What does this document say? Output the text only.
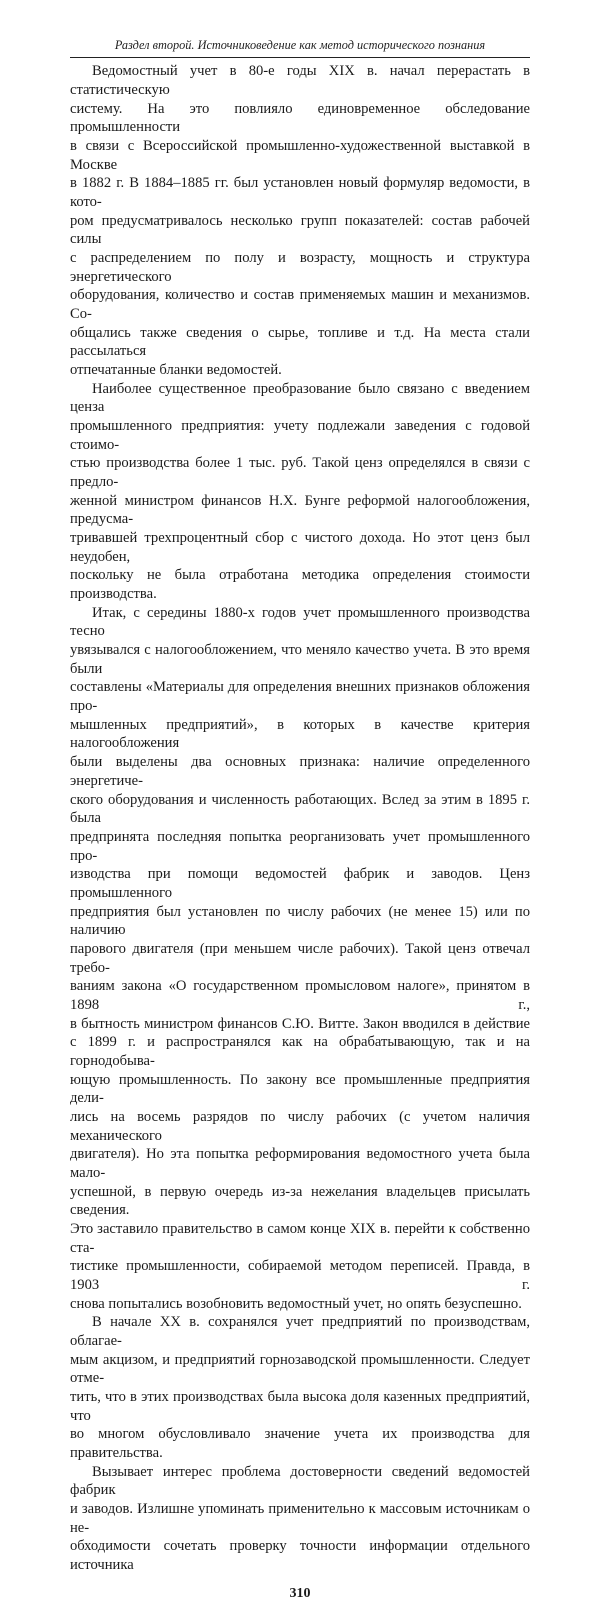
Раздел второй. Источниковедение как метод исторического познания
Ведомостный учет в 80-е годы XIX в. начал перерастать в статистическую
систему. На это повлияло единовременное обследование промышленности
в связи с Всероссийской промышленно-художественной выставкой в Москве
в 1882 г. В 1884–1885 гг. был установлен новый формуляр ведомости, в кото-
ром предусматривалось несколько групп показателей: состав рабочей силы
с распределением по полу и возрасту, мощность и структура энергетического
оборудования, количество и состав применяемых машин и механизмов. Со-
общались также сведения о сырье, топливе и т.д. На места стали рассылаться
отпечатанные бланки ведомостей.
Наиболее существенное преобразование было связано с введением ценза
промышленного предприятия: учету подлежали заведения с годовой стоимо-
стью производства более 1 тыс. руб. Такой ценз определялся в связи с предло-
женной министром финансов Н.Х. Бунге реформой налогообложения, предусма-
тривавшей трехпроцентный сбор с чистого дохода. Но этот ценз был неудобен,
поскольку не была отработана методика определения стоимости производства.
Итак, с середины 1880-х годов учет промышленного производства тесно
увязывался с налогообложением, что меняло качество учета. В это время были
составлены «Материалы для определения внешних признаков обложения про-
мышленных предприятий», в которых в качестве критерия налогообложения
были выделены два основных признака: наличие определенного энергетиче-
ского оборудования и численность работающих. Вслед за этим в 1895 г. была
предпринята последняя попытка реорганизовать учет промышленного про-
изводства при помощи ведомостей фабрик и заводов. Ценз промышленного
предприятия был установлен по числу рабочих (не менее 15) или по наличию
парового двигателя (при меньшем числе рабочих). Такой ценз отвечал требо-
ваниям закона «О государственном промысловом налоге», принятом в 1898 г.,
в бытность министром финансов С.Ю. Витте. Закон вводился в действие
с 1899 г. и распространялся как на обрабатывающую, так и на горнодобыва-
ющую промышленность. По закону все промышленные предприятия дели-
лись на восемь разрядов по числу рабочих (с учетом наличия механического
двигателя). Но эта попытка реформирования ведомостного учета была мало-
успешной, в первую очередь из-за нежелания владельцев присылать сведения.
Это заставило правительство в самом конце XIX в. перейти к собственно ста-
тистике промышленности, собираемой методом переписей. Правда, в 1903 г.
снова попытались возобновить ведомостный учет, но опять безуспешно.
В начале XX в. сохранялся учет предприятий по производствам, облагае-
мым акцизом, и предприятий горнозаводской промышленности. Следует отме-
тить, что в этих производствах была высока доля казенных предприятий, что
во многом обусловливало значение учета их производства для правительства.
Вызывает интерес проблема достоверности сведений ведомостей фабрик
и заводов. Излишне упоминать применительно к массовым источникам о не-
обходимости сочетать проверку точности информации отдельного источника
310
